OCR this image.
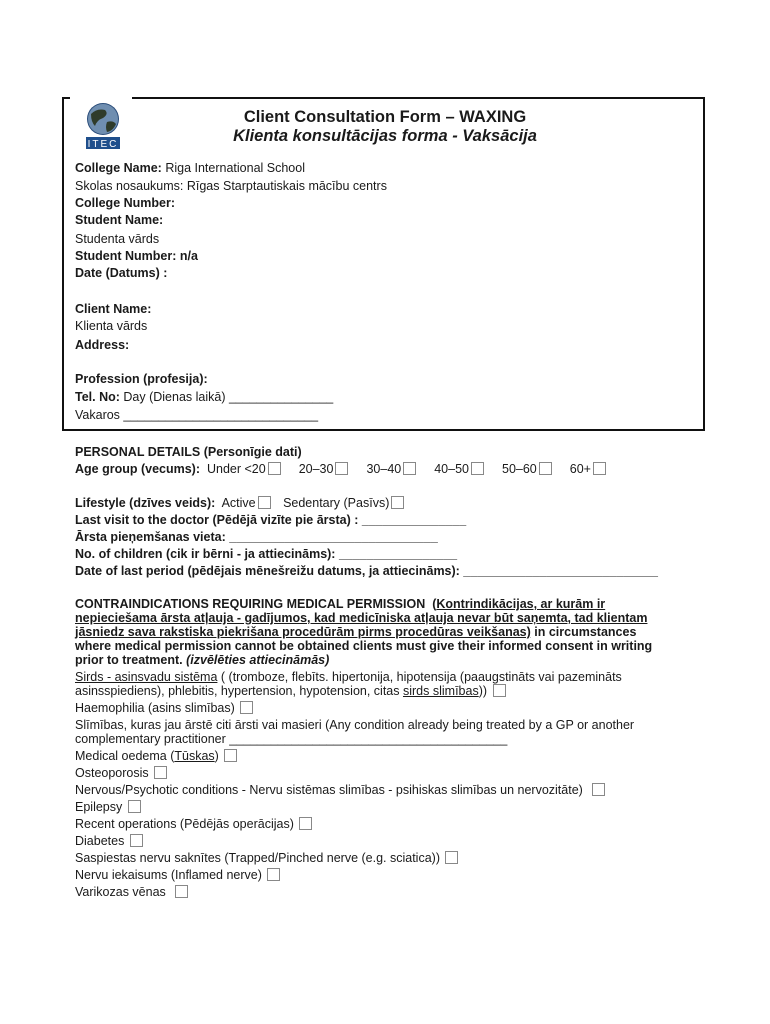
ITEC
Client Consultation Form – WAXING
Klienta konsultācijas forma - Vaksācija
College Name: Riga International School
Skolas nosaukums: Rīgas Starptautiskais mācību centrs
College Number:
Student Name:
Studenta vārds
Student Number: n/a
Date (Datums) :
Client Name:
Klienta vārds
Address:
Profession (profesija):
Tel. No: Day (Dienas laikā) _______________
Vakaros ____________________________
PERSONAL DETAILS (Personīgie dati)
Age group (vecums): Under <20	20–30	30–40	40–50	50–60	60+
Lifestyle (dzīves veids): Active Sedentary (Pasīvs)
Last visit to the doctor (Pēdējā vizīte pie ārsta) : _______________
Ārsta pieņemšanas vieta: ______________________________
No. of children (cik ir bērni - ja attiecināms): _________________
Date of last period (pēdējais mēnešreižu datums, ja attiecināms): ____________________________
CONTRAINDICATIONS REQUIRING MEDICAL PERMISSION  (Kontrindikācijas, ar kurām ir
nepieciešama ārsta atļauja - gadījumos, kad medicīniska atļauja nevar būt saņemta, tad klientam
jāsniedz sava rakstiska piekrišana procedūrām pirms procedūras veikšanas) in circumstances
where medical permission cannot be obtained clients must give their informed consent in writing
prior to treatment. (izvēlēties attiecināmās)
Sirds - asinsvadu sistēma ( (tromboze, flebīts. hipertonija, hipotensija (paaugstināts vai pazemināts
asinsspiediens), phlebitis, hypertension, hypotension, citas sirds slimības))
Haemophilia (asins slimības)
Slīmības, kuras jau ārstē citi ārsti vai masieri (Any condition already being treated by a GP or another
complementary practitioner ________________________________________
Medical oedema (Tūskas)
Osteoporosis
Nervous/Psychotic conditions - Nervu sistēmas slimības - psihiskas slimības un nervozitāte)
Epilepsy
Recent operations (Pēdējās operācijas)
Diabetes
Saspiestas nervu saknītes (Trapped/Pinched nerve (e.g. sciatica))
Nervu iekaisums (Inflamed nerve)
Varikozas vēnas
